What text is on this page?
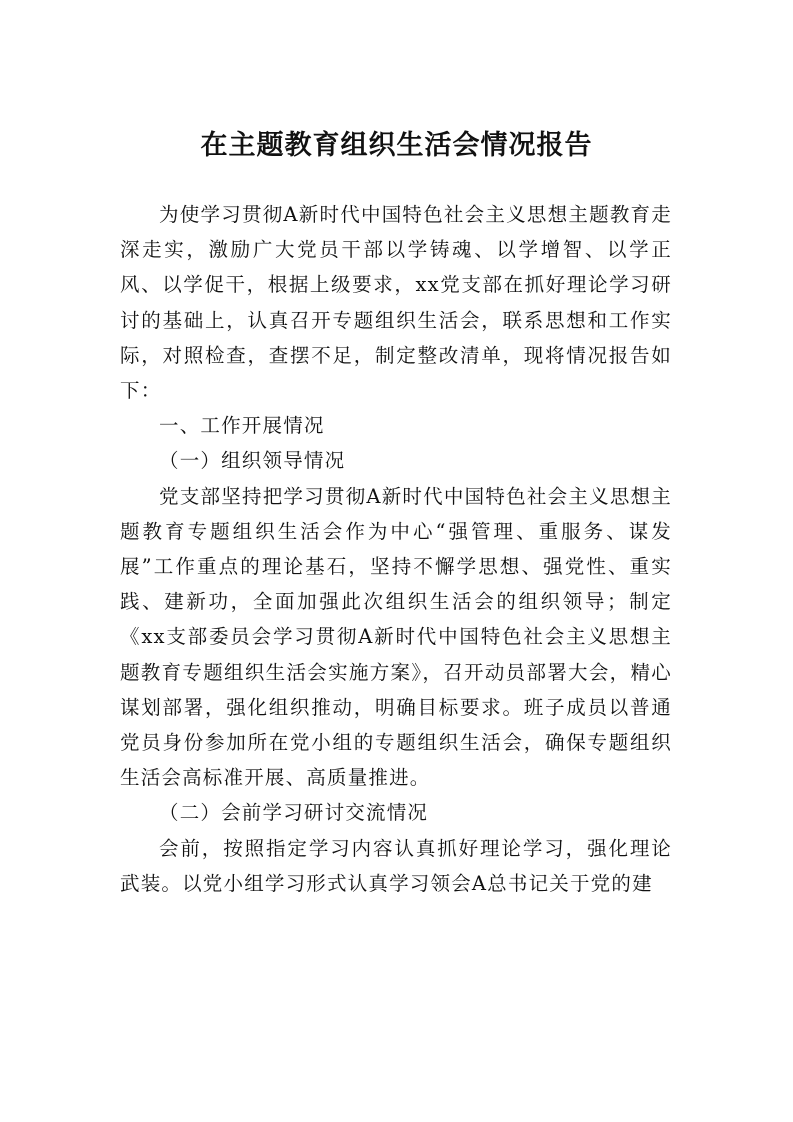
在主题教育组织生活会情况报告

为使学习贯彻A新时代中国特色社会主义思想主题教育走深走实，激励广大党员干部以学铸魂、以学增智、以学正风、以学促干，根据上级要求，xx党支部在抓好理论学习研讨的基础上，认真召开专题组织生活会，联系思想和工作实际，对照检查，查摆不足，制定整改清单，现将情况报告如下：

一、工作开展情况

（一）组织领导情况

党支部坚持把学习贯彻A新时代中国特色社会主义思想主题教育专题组织生活会作为中心“强管理、重服务、谋发展”工作重点的理论基石，坚持不懈学思想、强党性、重实践、建新功，全面加强此次组织生活会的组织领导；制定《xx支部委员会学习贯彻A新时代中国特色社会主义思想主题教育专题组织生活会实施方案》，召开动员部署大会，精心谋划部署，强化组织推动，明确目标要求。班子成员以普通党员身份参加所在党小组的专题组织生活会，确保专题组织生活会高标准开展、高质量推进。

（二）会前学习研讨交流情况

会前，按照指定学习内容认真抓好理论学习，强化理论武装。以党小组学习形式认真学习领会A总书记关于党的建
